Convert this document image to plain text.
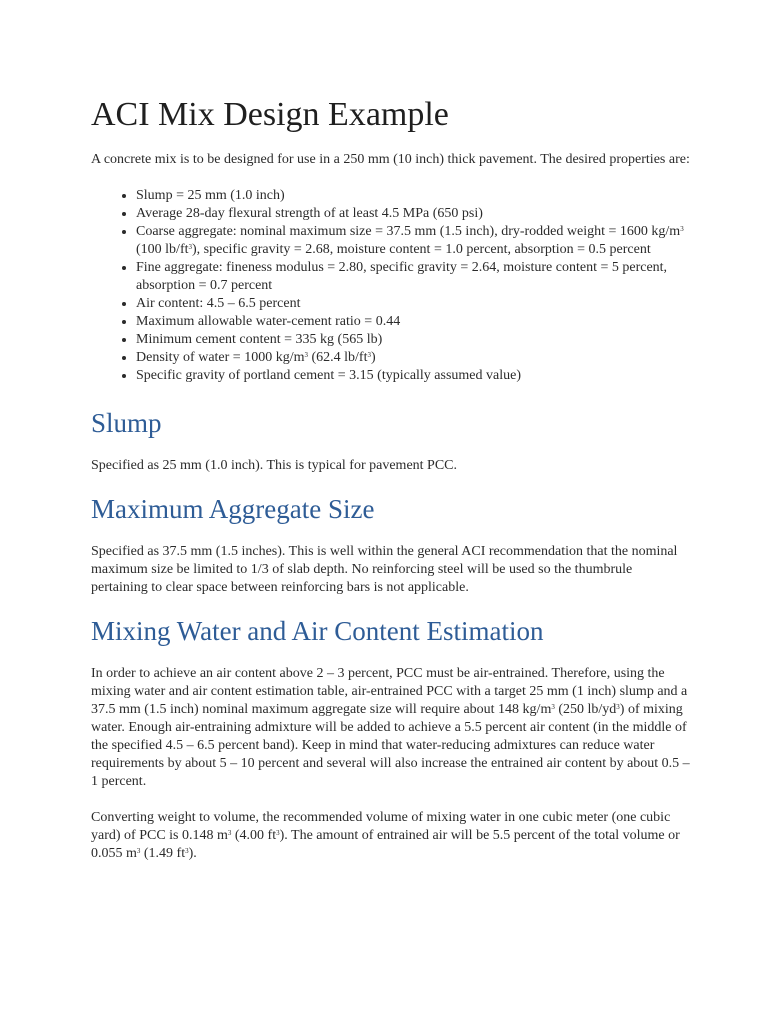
ACI Mix Design Example

A concrete mix is to be designed for use in a 250 mm (10 inch) thick pavement. The desired properties are:

• Slump = 25 mm (1.0 inch)
• Average 28-day flexural strength of at least 4.5 MPa (650 psi)
• Coarse aggregate: nominal maximum size = 37.5 mm (1.5 inch), dry-rodded weight = 1600 $kg/m^3$ (100 $lb/ft^3$), specific gravity = 2.68, moisture content = 1.0 percent, absorption = 0.5 percent
• Fine aggregate: fineness modulus = 2.80, specific gravity = 2.64, moisture content = 5 percent, absorption = 0.7 percent
• Air content: 4.5 – 6.5 percent
• Maximum allowable water-cement ratio = 0.44
• Minimum cement content = 335 kg (565 lb)
• Density of water = 1000 $kg/m^3$ (62.4 $lb/ft^3$)
• Specific gravity of portland cement = 3.15 (typically assumed value)
Slump

Specified as 25 mm (1.0 inch). This is typical for pavement PCC.

Maximum Aggregate Size

Specified as 37.5 mm (1.5 inches). This is well within the general ACI recommendation that the nominal maximum size be limited to 1/3 of slab depth. No reinforcing steel will be used so the thumbrule pertaining to clear space between reinforcing bars is not applicable.

Mixing Water and Air Content Estimation

In order to achieve an air content above 2 – 3 percent, PCC must be air-entrained. Therefore, using the mixing water and air content estimation table, air-entrained PCC with a target 25 mm (1 inch) slump and a 37.5 mm (1.5 inch) nominal maximum aggregate size will require about 148 $kg/m^3$ (250 $lb/yd^3$) of mixing water. Enough air-entraining admixture will be added to achieve a 5.5 percent air content (in the middle of the specified 4.5 – 6.5 percent band). Keep in mind that water-reducing admixtures can reduce water requirements by about 5 – 10 percent and several will also increase the entrained air content by about 0.5 – 1 percent.

Converting weight to volume, the recommended volume of mixing water in one cubic meter (one cubic yard) of PCC is 0.148 $m^3$ (4.00 $ft^3$). The amount of entrained air will be 5.5 percent of the total volume or 0.055 $m^3$ (1.49 $ft^3$).
